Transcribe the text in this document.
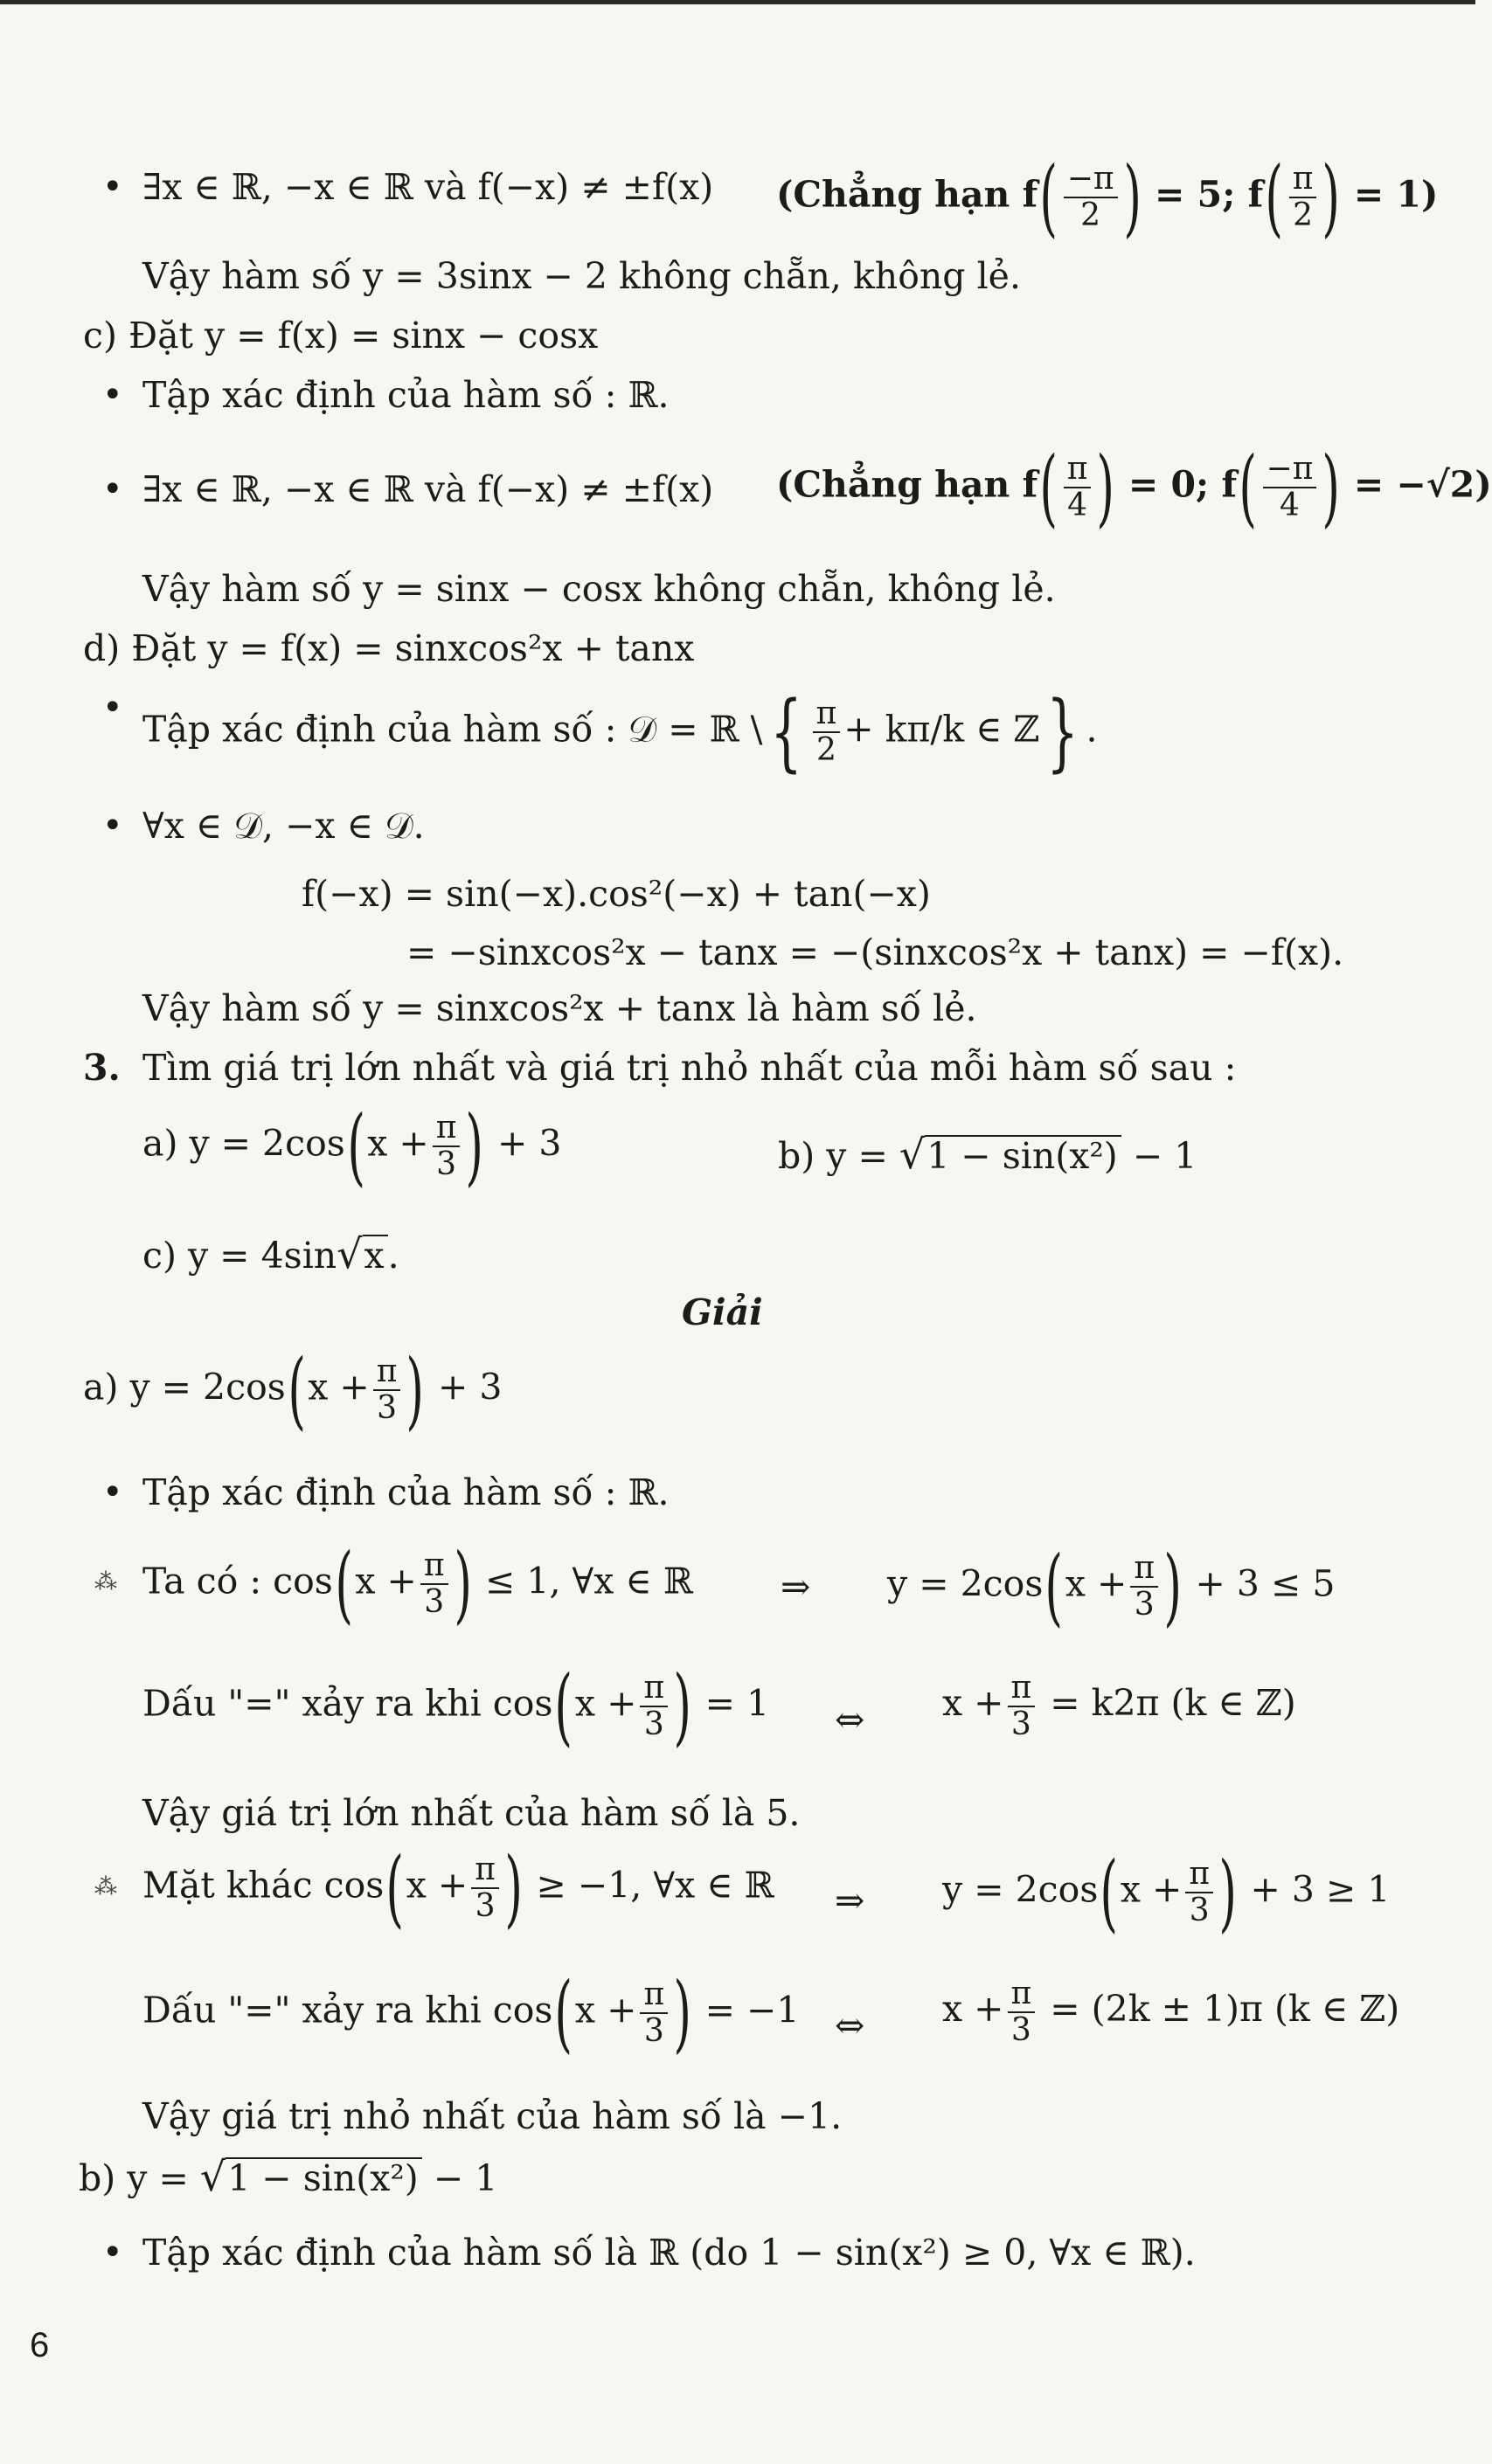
• ∃x ∈ ℝ, −x ∈ ℝ và f(−x) ≠ ±f(x) (Chẳng hạn $f( \frac{-\pi}{2}$ ) = 5; $f( \frac{\pi}{2}$ ) = 1)
Vậy hàm số y = 3sinx − 2 không chẵn, không lẻ.
c) Đặt y = f(x) = sinx − cosx
• Tập xác định của hàm số : ℝ.
• ∃x ∈ ℝ, −x ∈ ℝ và f(−x) ≠ ±f(x) (Chẳng hạn $f( \frac{\pi}{4}$ ) = 0; $f( \frac{-\pi}{4}$ ) = −√2)
Vậy hàm số y = sinx − cosx không chẵn, không lẻ.
d) Đặt y = f(x) = sinxcos²x + tanx
• Tập xác định của hàm số : 𝒟 = ℝ \{ $\frac{\pi}{2} + k\pi/k$ ∈ ℤ} .
• ∀x ∈ 𝒟, −x ∈ 𝒟.
f(−x) = sin(−x).cos²(−x) + tan(−x)
= −sinxcos²x − tanx = −(sinxcos²x + tanx) = −f(x).
Vậy hàm số y = sinxcos²x + tanx là hàm số lẻ.
3. Tìm giá trị lớn nhất và giá trị nhỏ nhất của mỗi hàm số sau :
a) $y = 2\cos(x + \frac{\pi}{3}$ ) + 3	b) y = √1 − sin(x²) − 1
c) y = 4sin√x.
Giải
a) $y = 2\cos(x + \frac{\pi}{3}$ ) + 3
• Tập xác định của hàm số : ℝ.
⁂ Ta có : $\cos(x + \frac{\pi}{3}$ ) ≤ 1, ∀x ∈ ℝ ⇒ $y = 2\cos(x + \frac{\pi}{3}$ ) + 3 ≤ 5
Dấu "=" xảy ra khi $\cos(x + \frac{\pi}{3}$ ) = 1 ⇔ $x + \frac{\pi}{3} = k2\pi$ (k ∈ ℤ)
Vậy giá trị lớn nhất của hàm số là 5.
⁂ Mặt khác $\cos(x + \frac{\pi}{3}$ ) ≥ −1, ∀x ∈ ℝ ⇒ $y = 2\cos(x + \frac{\pi}{3}$ ) + 3 ≥ 1
Dấu "=" xảy ra khi $\cos(x + \frac{\pi}{3}$ ) = −1 ⇔ $x + \frac{\pi}{3} = (2k \pm 1)\pi$ (k ∈ ℤ)
Vậy giá trị nhỏ nhất của hàm số là −1.
b) y = √1 − sin(x²) − 1
• Tập xác định của hàm số là ℝ (do 1 − sin(x²) ≥ 0, ∀x ∈ ℝ).
6
